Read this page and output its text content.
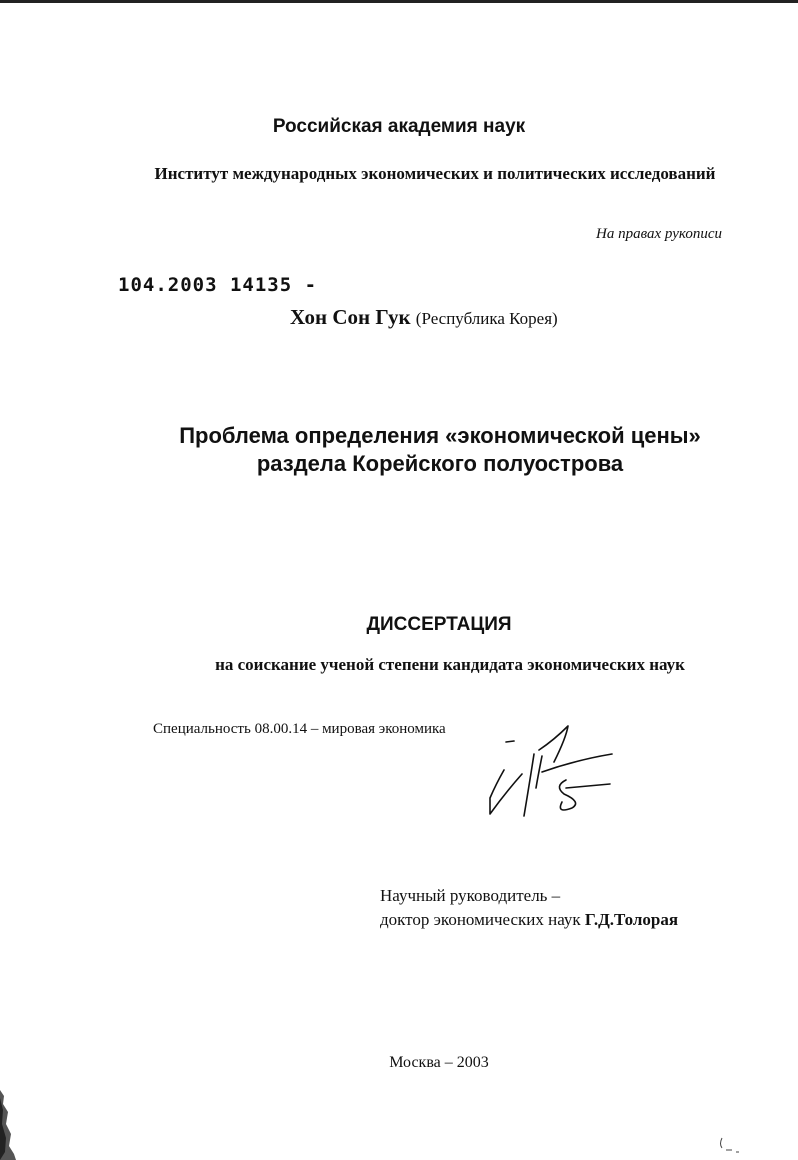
Российская академия наук
Институт международных экономических и политических исследований
На правах рукописи
104.2003 14135 -
Хон Сон Гук (Республика Корея)
Проблема определения «экономической цены»
раздела Корейского полуострова
ДИССЕРТАЦИЯ
на соискание ученой степени кандидата экономических наук
Специальность 08.00.14 – мировая экономика
Научный руководитель –
доктор экономических наук Г.Д.Толорая
Москва – 2003
